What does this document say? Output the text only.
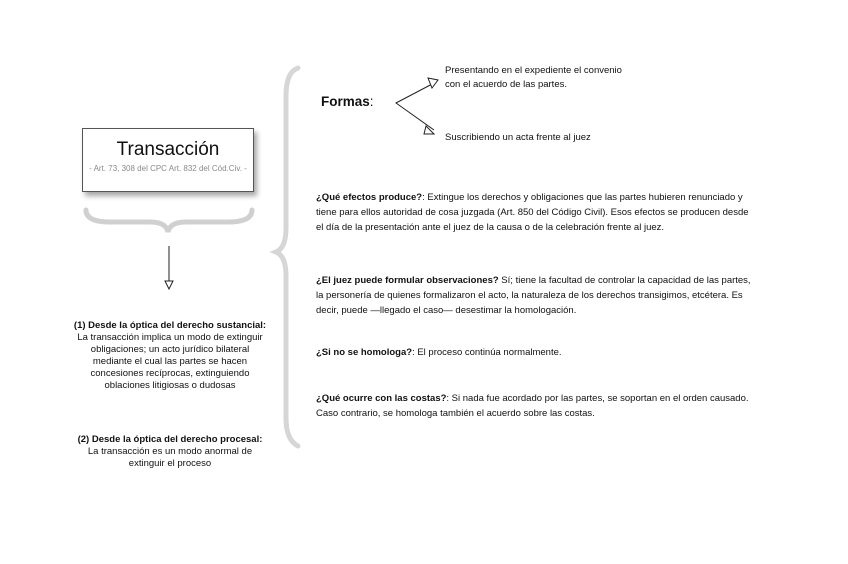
Transacción
- Art. 73, 308 del CPC Art. 832 del Cód.Civ. -
(1) Desde la óptica del derecho sustancial:
La transacción implica un modo de extinguir obligaciones; un acto jurídico bilateral mediante el cual las partes se hacen concesiones recíprocas, extinguiendo oblaciones litigiosas o dudosas
(2) Desde la óptica del derecho procesal:
La transacción es un modo anormal de extinguir el proceso
Formas:
Presentando en el expediente el convenio
con el acuerdo de las partes.
Suscribiendo un acta frente al juez
¿Qué efectos produce?: Extingue los derechos y obligaciones que las partes hubieren renunciado y tiene para ellos autoridad de cosa juzgada (Art. 850 del Código Civil). Esos efectos se producen desde el día de la presentación ante el juez de la causa o de la celebración frente al juez.
¿El juez puede formular observaciones? Sí; tiene la facultad de controlar la capacidad de las partes, la personería de quienes formalizaron el acto, la naturaleza de los derechos transigimos, etcétera. Es decir, puede —llegado el caso— desestimar la homologación.
¿Si no se homologa?: El proceso continúa normalmente.
¿Qué ocurre con las costas?: Si nada fue acordado por las partes, se soportan en el orden causado. Caso contrario, se homologa también el acuerdo sobre las costas.
